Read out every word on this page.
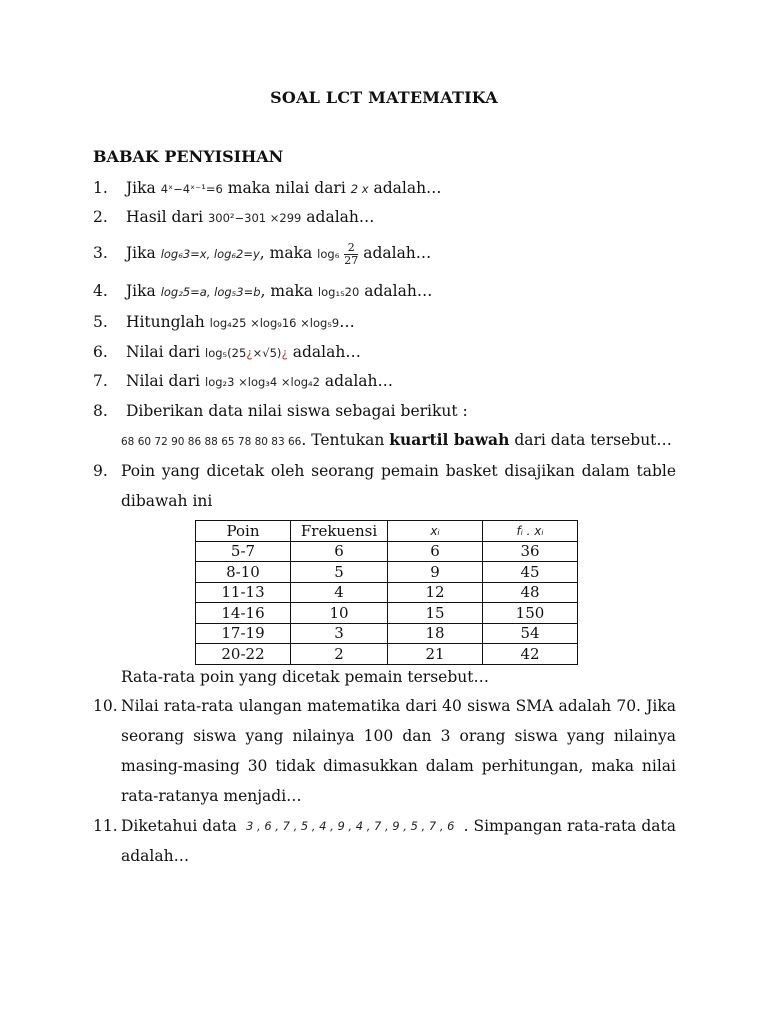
SOAL LCT MATEMATIKA
BABAK PENYISIHAN
1. Jika 4ˣ−4ˣ⁻¹=6 maka nilai dari 2 x adalah…
2. Hasil dari 300²−301 ×299 adalah…
3. Jika log₆3=x, log₆2=y, maka $\log_6 \frac{2}{27}$ adalah…
4. Jika log₂5=a, log₅3=b, maka log₁₅20 adalah…
5. Hitunglah log₄25 ×log₉16 ×log₅9…
6. Nilai dari log₅(25¿×√5)¿ adalah…
7. Nilai dari log₂3 ×log₃4 ×log₄2 adalah…
8. Diberikan data nilai siswa sebagai berikut :
68 60 72 90 86 88 65 78 80 83 66. Tentukan kuartil bawah dari data tersebut…
9. Poin yang dicetak oleh seorang pemain basket disajikan dalam table
dibawah ini
Poin	Frekuensi	xᵢ	fᵢ . xᵢ
5-7	6	6	36
8-10	5	9	45
11-13	4	12	48
14-16	10	15	150
17-19	3	18	54
20-22	2	21	42
Rata-rata poin yang dicetak pemain tersebut…
10. Nilai rata-rata ulangan matematika dari 40 siswa SMA adalah 70. Jika
seorang siswa yang nilainya 100 dan 3 orang siswa yang nilainya
masing-masing 30 tidak dimasukkan dalam perhitungan, maka nilai
rata-ratanya menjadi…
11. Diketahui data 3 , 6 , 7 , 5 , 4 , 9 , 4 , 7 , 9 , 5 , 7 , 6 . Simpangan rata-rata data
adalah…
